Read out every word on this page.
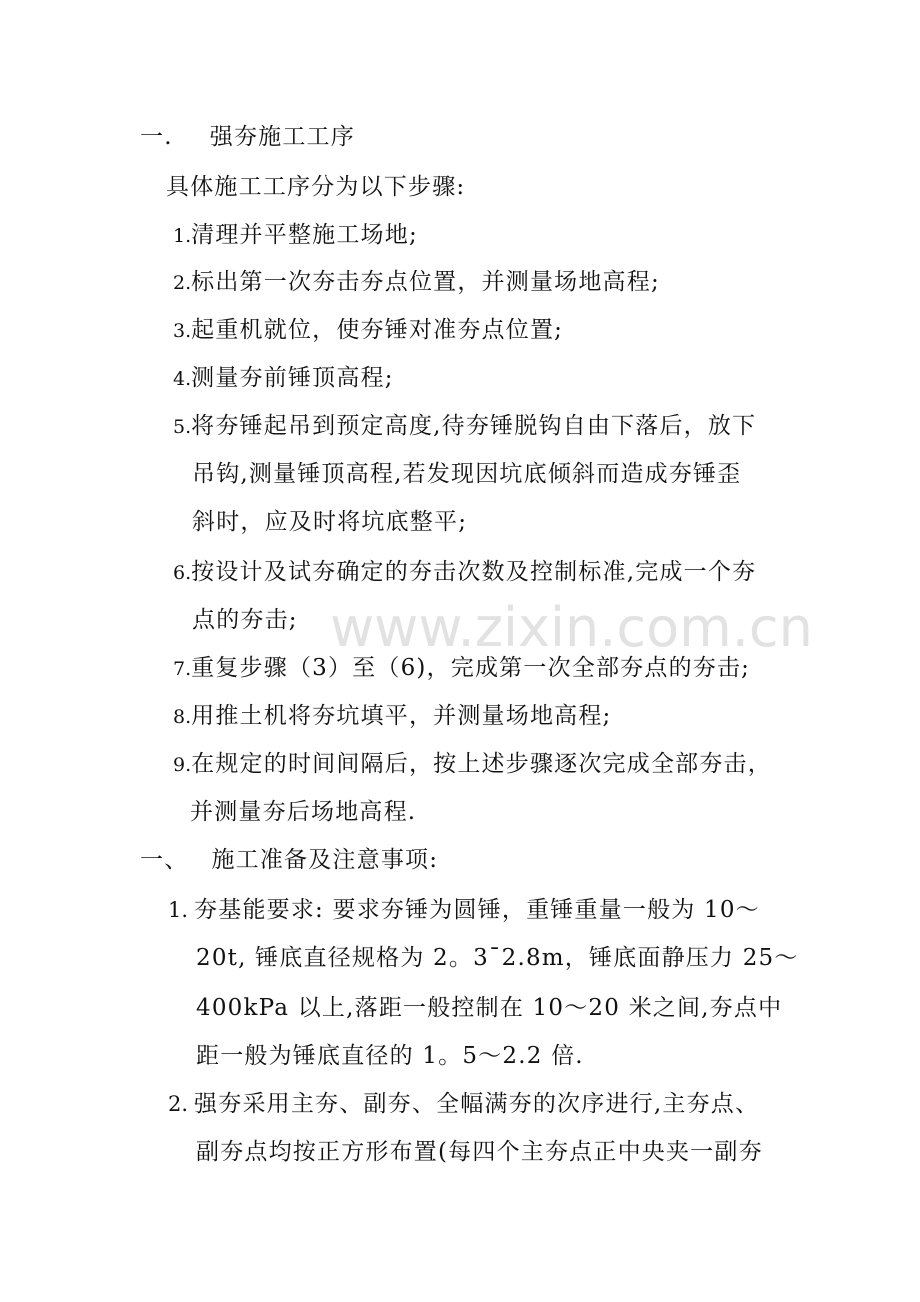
www.zixin.com.cn
一. 强夯施工工序
具体施工工序分为以下步骤:
1.清理并平整施工场地;
2.标出第一次夯击夯点位置，并测量场地高程;
3.起重机就位，使夯锤对准夯点位置;
4.测量夯前锤顶高程;
5.将夯锤起吊到预定高度,待夯锤脱钩自由下落后，放下
吊钩,测量锤顶高程,若发现因坑底倾斜而造成夯锤歪
斜时，应及时将坑底整平;
6.按设计及试夯确定的夯击次数及控制标准,完成一个夯
点的夯击;
7.重复步骤（3）至（6)，完成第一次全部夯点的夯击;
8.用推土机将夯坑填平，并测量场地高程;
9.在规定的时间间隔后，按上述步骤逐次完成全部夯击，
并测量夯后场地高程.
一、 施工准备及注意事项:
1. 夯基能要求: 要求夯锤为圆锤，重锤重量一般为 10～
20t, 锤底直径规格为 2。3¯2.8m，锤底面静压力 25～
400kPa 以上,落距一般控制在 10～20 米之间,夯点中
距一般为锤底直径的 1。5～2.2 倍.
2. 强夯采用主夯、副夯、全幅满夯的次序进行,主夯点、
副夯点均按正方形布置(每四个主夯点正中央夹一副夯
